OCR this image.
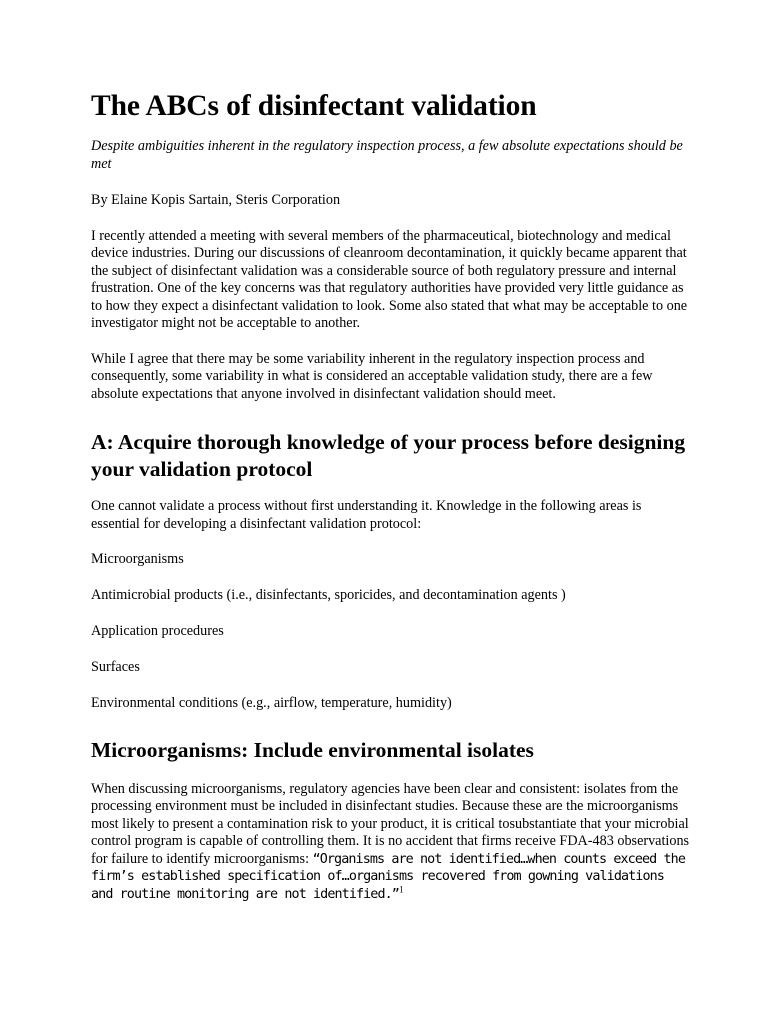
The ABCs of disinfectant validation

Despite ambiguities inherent in the regulatory inspection process, a few absolute expectations should be met

By Elaine Kopis Sartain, Steris Corporation

I recently attended a meeting with several members of the pharmaceutical, biotechnology and medical device industries. During our discussions of cleanroom decontamination, it quickly became apparent that the subject of disinfectant validation was a considerable source of both regulatory pressure and internal frustration. One of the key concerns was that regulatory authorities have provided very little guidance as to how they expect a disinfectant validation to look. Some also stated that what may be acceptable to one investigator might not be acceptable to another.

While I agree that there may be some variability inherent in the regulatory inspection process and consequently, some variability in what is considered an acceptable validation study, there are a few absolute expectations that anyone involved in disinfectant validation should meet.

A: Acquire thorough knowledge of your process before designing your validation protocol

One cannot validate a process without first understanding it. Knowledge in the following areas is essential for developing a disinfectant validation protocol:

Microorganisms

Antimicrobial products (i.e., disinfectants, sporicides, and decontamination agents )

Application procedures

Surfaces

Environmental conditions (e.g., airflow, temperature, humidity)

Microorganisms: Include environmental isolates

When discussing microorganisms, regulatory agencies have been clear and consistent: isolates from the processing environment must be included in disinfectant studies. Because these are the microorganisms most likely to present a contamination risk to your product, it is critical tosubstantiate that your microbial control program is capable of controlling them. It is no accident that firms receive FDA-483 observations for failure to identify microorganisms: “Organisms are not identified…when counts exceed the firm’s established specification of…organisms recovered from gowning validations and routine monitoring are not identified.”$^1$
